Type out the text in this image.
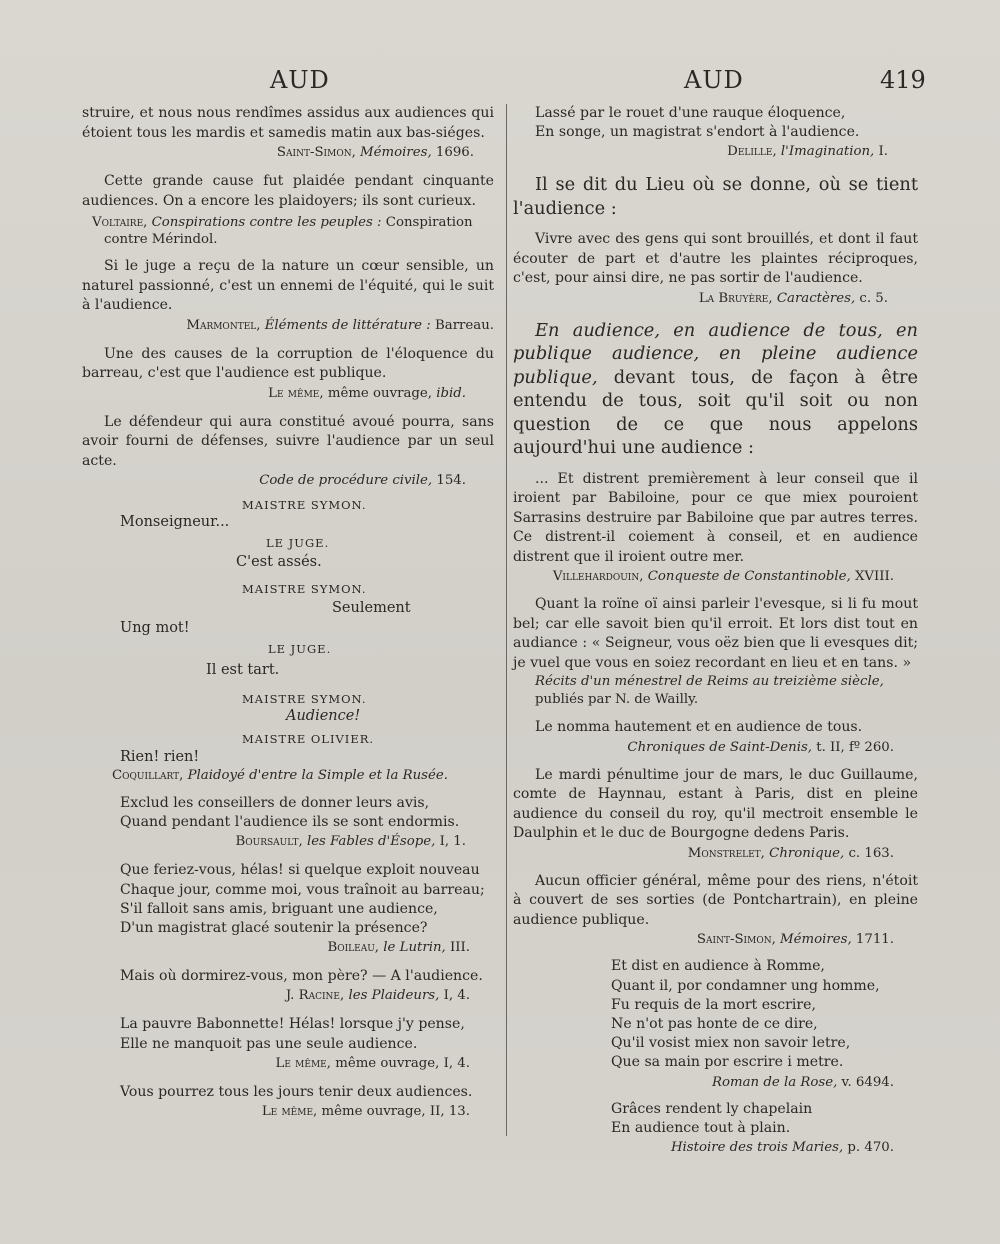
AUD	AUD	419

struire, et nous nous rendîmes assidus aux audiences qui étoient tous les mardis et samedis matin aux bas-siéges.

Saint-Simon, Mémoires, 1696.

Cette grande cause fut plaidée pendant cinquante audiences. On a encore les plaidoyers; ils sont curieux.

Voltaire, Conspirations contre les peuples : Conspiration contre Mérindol.

Si le juge a reçu de la nature un cœur sensible, un naturel passionné, c'est un ennemi de l'équité, qui le suit à l'audience.

Marmontel, Éléments de littérature : Barreau.

Une des causes de la corruption de l'éloquence du barreau, c'est que l'audience est publique.

Le même, même ouvrage, ibid.

Le défendeur qui aura constitué avoué pourra, sans avoir fourni de défenses, suivre l'audience par un seul acte.

Code de procédure civile, 154.

MAISTRE SYMON.
Monseigneur...
LE JUGE.
C'est assés.
MAISTRE SYMON.
Seulement
Ung mot!
LE JUGE.
Il est tart.
MAISTRE SYMON.
Audience!

MAISTRE OLIVIER.

Rien! rien!

Coquillart, Plaidoyé d'entre la Simple et la Rusée.

Exclud les conseillers de donner leurs avis,

Quand pendant l'audience ils se sont endormis.

Boursault, les Fables d'Ésope, I, 1.

Que feriez-vous, hélas! si quelque exploit nouveau

Chaque jour, comme moi, vous traînoit au barreau;

S'il falloit sans amis, briguant une audience,

D'un magistrat glacé soutenir la présence?

Boileau, le Lutrin, III.

Mais où dormirez-vous, mon père? — A l'audience.

J. Racine, les Plaideurs, I, 4.

La pauvre Babonnette! Hélas! lorsque j'y pense,

Elle ne manquoit pas une seule audience.

Le même, même ouvrage, I, 4.

Vous pourrez tous les jours tenir deux audiences.

Le même, même ouvrage, II, 13.

Lassé par le rouet d'une rauque éloquence,

En songe, un magistrat s'endort à l'audience.

Delille, l'Imagination, I.

Il se dit du Lieu où se donne, où se tient l'audience :

Vivre avec des gens qui sont brouillés, et dont il faut écouter de part et d'autre les plaintes réciproques, c'est, pour ainsi dire, ne pas sortir de l'audience.

La Bruyère, Caractères, c. 5.

En audience, en audience de tous, en publique audience, en pleine audience publique, devant tous, de façon à être entendu de tous, soit qu'il soit ou non question de ce que nous appelons aujourd'hui une audience :

... Et distrent premièrement à leur conseil que il iroient par Babiloine, pour ce que miex pouroient Sarrasins destruire par Babiloine que par autres terres. Ce distrent-il coiement à conseil, et en audience distrent que il iroient outre mer.

Villehardouin, Conqueste de Constantinoble, XVIII.

Quant la roïne oï ainsi parleir l'evesque, si li fu mout bel; car elle savoit bien qu'il erroit. Et lors dist tout en audiance : « Seigneur, vous oëz bien que li evesques dit; je vuel que vous en soiez recordant en lieu et en tans. »

Récits d'un ménestrel de Reims au treizième siècle, publiés par N. de Wailly.

Le nomma hautement et en audience de tous.

Chroniques de Saint-Denis, t. II, fº 260.

Le mardi pénultime jour de mars, le duc Guillaume, comte de Haynnau, estant à Paris, dist en pleine audience du conseil du roy, qu'il mectroit ensemble le Daulphin et le duc de Bourgogne dedens Paris.

Monstrelet, Chronique, c. 163.

Aucun officier général, même pour des riens, n'étoit à couvert de ses sorties (de Pontchartrain), en pleine audience publique.

Saint-Simon, Mémoires, 1711.

Et dist en audience à Romme,

Quant il, por condamner ung homme,

Fu requis de la mort escrire,

Ne n'ot pas honte de ce dire,

Qu'il vosist miex non savoir letre,

Que sa main por escrire i metre.

Roman de la Rose, v. 6494.

Grâces rendent ly chapelain

En audience tout à plain.

Histoire des trois Maries, p. 470.
